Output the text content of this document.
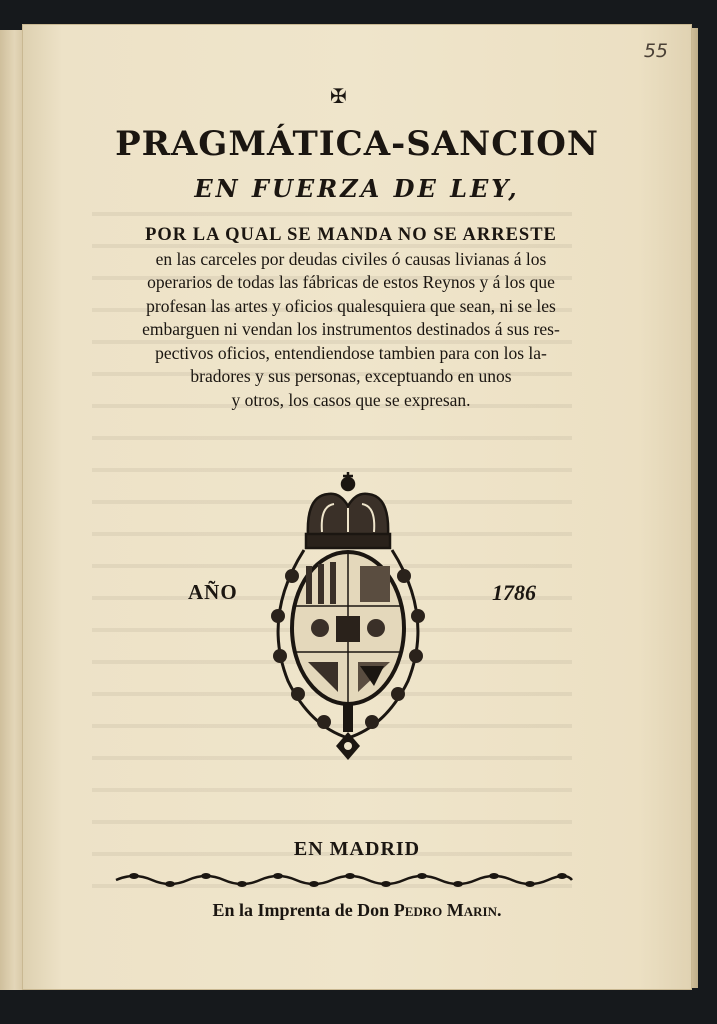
55
✠
PRAGMÁTICA-SANCION
EN FUERZA DE LEY,
POR LA QUAL SE MANDA NO SE ARRESTE
en las carceles por deudas civiles ó causas livianas á los
operarios de todas las fábricas de estos Reynos y á los que
profesan las artes y oficios qualesquiera que sean, ni se les
embarguen ni vendan los instrumentos destinados á sus res-
pectivos oficios, entendiendose tambien para con los la-
bradores y sus personas, exceptuando en unos
y otros, los casos que se expresan.
AÑO	1786
EN MADRID
En la Imprenta de Don Pedro Marin.
